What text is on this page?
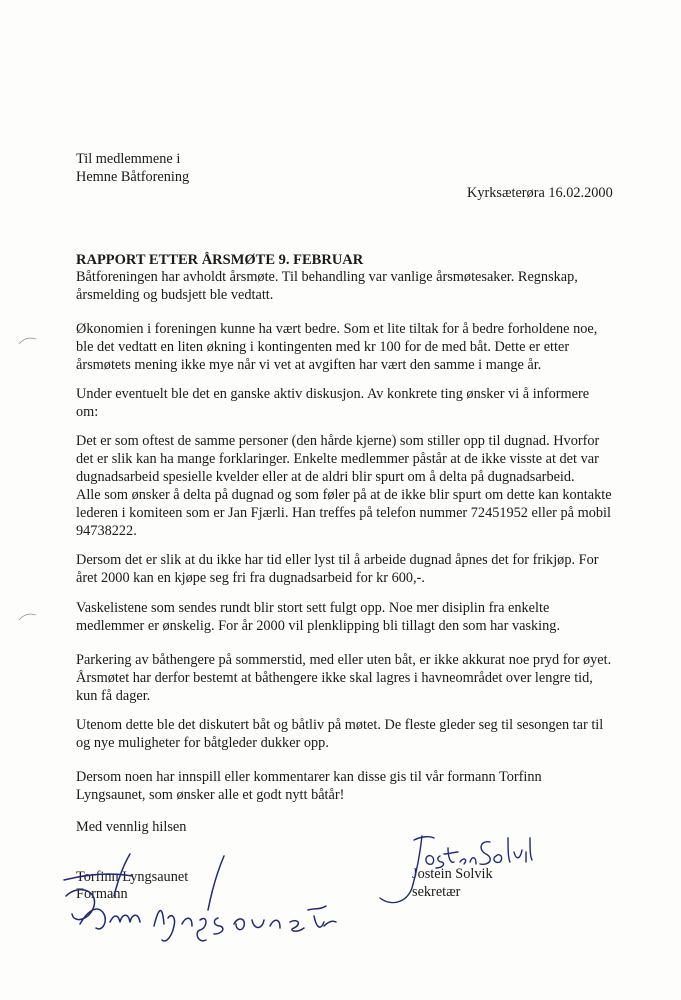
Til medlemmene i
Hemne Båtforening
Kyrksæterøra 16.02.2000
RAPPORT ETTER ÅRSMØTE 9. FEBRUAR
Båtforeningen har avholdt årsmøte. Til behandling var vanlige årsmøtesaker. Regnskap,
årsmelding og budsjett ble vedtatt.
Økonomien i foreningen kunne ha vært bedre. Som et lite tiltak for å bedre forholdene noe,
ble det vedtatt en liten økning i kontingenten med kr 100 for de med båt. Dette er etter
årsmøtets mening ikke mye når vi vet at avgiften har vært den samme i mange år.
Under eventuelt ble det en ganske aktiv diskusjon. Av konkrete ting ønsker vi å informere
om:
Det er som oftest de samme personer (den hårde kjerne) som stiller opp til dugnad. Hvorfor
det er slik kan ha mange forklaringer. Enkelte medlemmer påstår at de ikke visste at det var
dugnadsarbeid spesielle kvelder eller at de aldri blir spurt om å delta på dugnadsarbeid.
Alle som ønsker å delta på dugnad og som føler på at de ikke blir spurt om dette kan kontakte
lederen i komiteen som er Jan Fjærli. Han treffes på telefon nummer 72451952 eller på mobil
94738222.
Dersom det er slik at du ikke har tid eller lyst til å arbeide dugnad åpnes det for frikjøp. For
året 2000 kan en kjøpe seg fri fra dugnadsarbeid for kr 600,-.
Vaskelistene som sendes rundt blir stort sett fulgt opp. Noe mer disiplin fra enkelte
medlemmer er ønskelig. For år 2000 vil plenklipping bli tillagt den som har vasking.
Parkering av båthengere på sommerstid, med eller uten båt, er ikke akkurat noe pryd for øyet.
Årsmøtet har derfor bestemt at båthengere ikke skal lagres i havneområdet over lengre tid,
kun få dager.
Utenom dette ble det diskutert båt og båtliv på møtet. De fleste gleder seg til sesongen tar til
og nye muligheter for båtgleder dukker opp.
Dersom noen har innspill eller kommentarer kan disse gis til vår formann Torfinn
Lyngsaunet, som ønsker alle et godt nytt båtår!
Med vennlig hilsen
Torfinn Lyngsaunet
Formann
Jostein Solvik
sekretær
